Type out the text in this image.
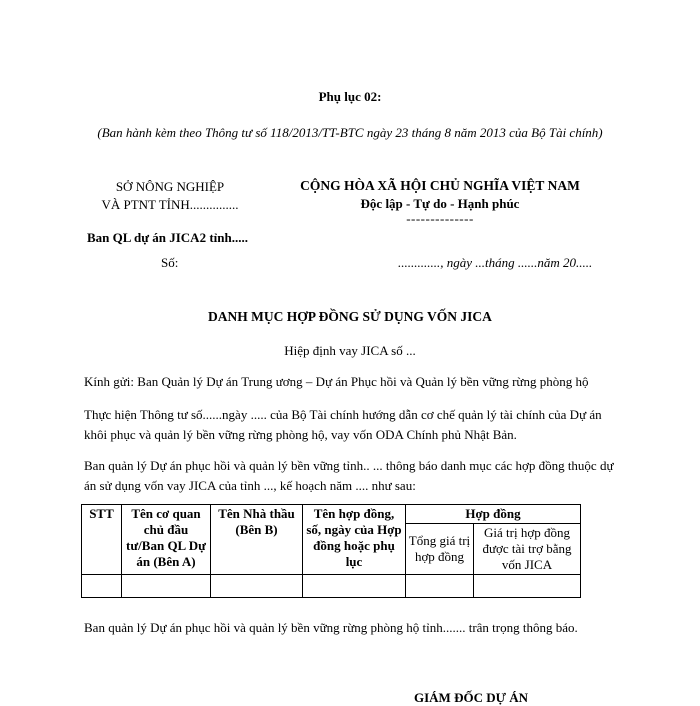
Phụ lục 02:
(Ban hành kèm theo Thông tư số 118/2013/TT-BTC ngày 23 tháng 8 năm 2013 của Bộ Tài chính)
SỞ NÔNG NGHIỆP
VÀ PTNT TỈNH...............
CỘNG HÒA XÃ HỘI CHỦ NGHĨA VIỆT NAM
Độc lập - Tự do - Hạnh phúc
--------------
Ban QL dự án JICA2 tỉnh.....
Số:	............., ngày ...tháng ......năm 20.....
DANH MỤC HỢP ĐỒNG SỬ DỤNG VỐN JICA
Hiệp định vay JICA số ...
Kính gửi: Ban Quản lý Dự án Trung ương – Dự án Phục hồi và Quản lý bền vững rừng phòng hộ
Thực hiện Thông tư số......ngày ..... của Bộ Tài chính hướng dẫn cơ chế quản lý tài chính của Dự án khôi phục và quản lý bền vững rừng phòng hộ, vay vốn ODA Chính phủ Nhật Bản.
Ban quản lý Dự án phục hồi và quản lý bền vững tỉnh.. ... thông báo danh mục các hợp đồng thuộc dự án sử dụng vốn vay JICA của tỉnh ..., kế hoạch năm .... như sau:
STT	Tên cơ quan chủ đầu tư/Ban QL Dự án (Bên A)	Tên Nhà thầu (Bên B)	Tên hợp đồng, số, ngày của Hợp đồng hoặc phụ lục	Hợp đồng	
				Tổng giá trị hợp đồng	Giá trị hợp đồng được tài trợ bằng vốn JICA

Ban quản lý Dự án phục hồi và quản lý bền vững rừng phòng hộ tỉnh....... trân trọng thông báo.
GIÁM ĐỐC DỰ ÁN
